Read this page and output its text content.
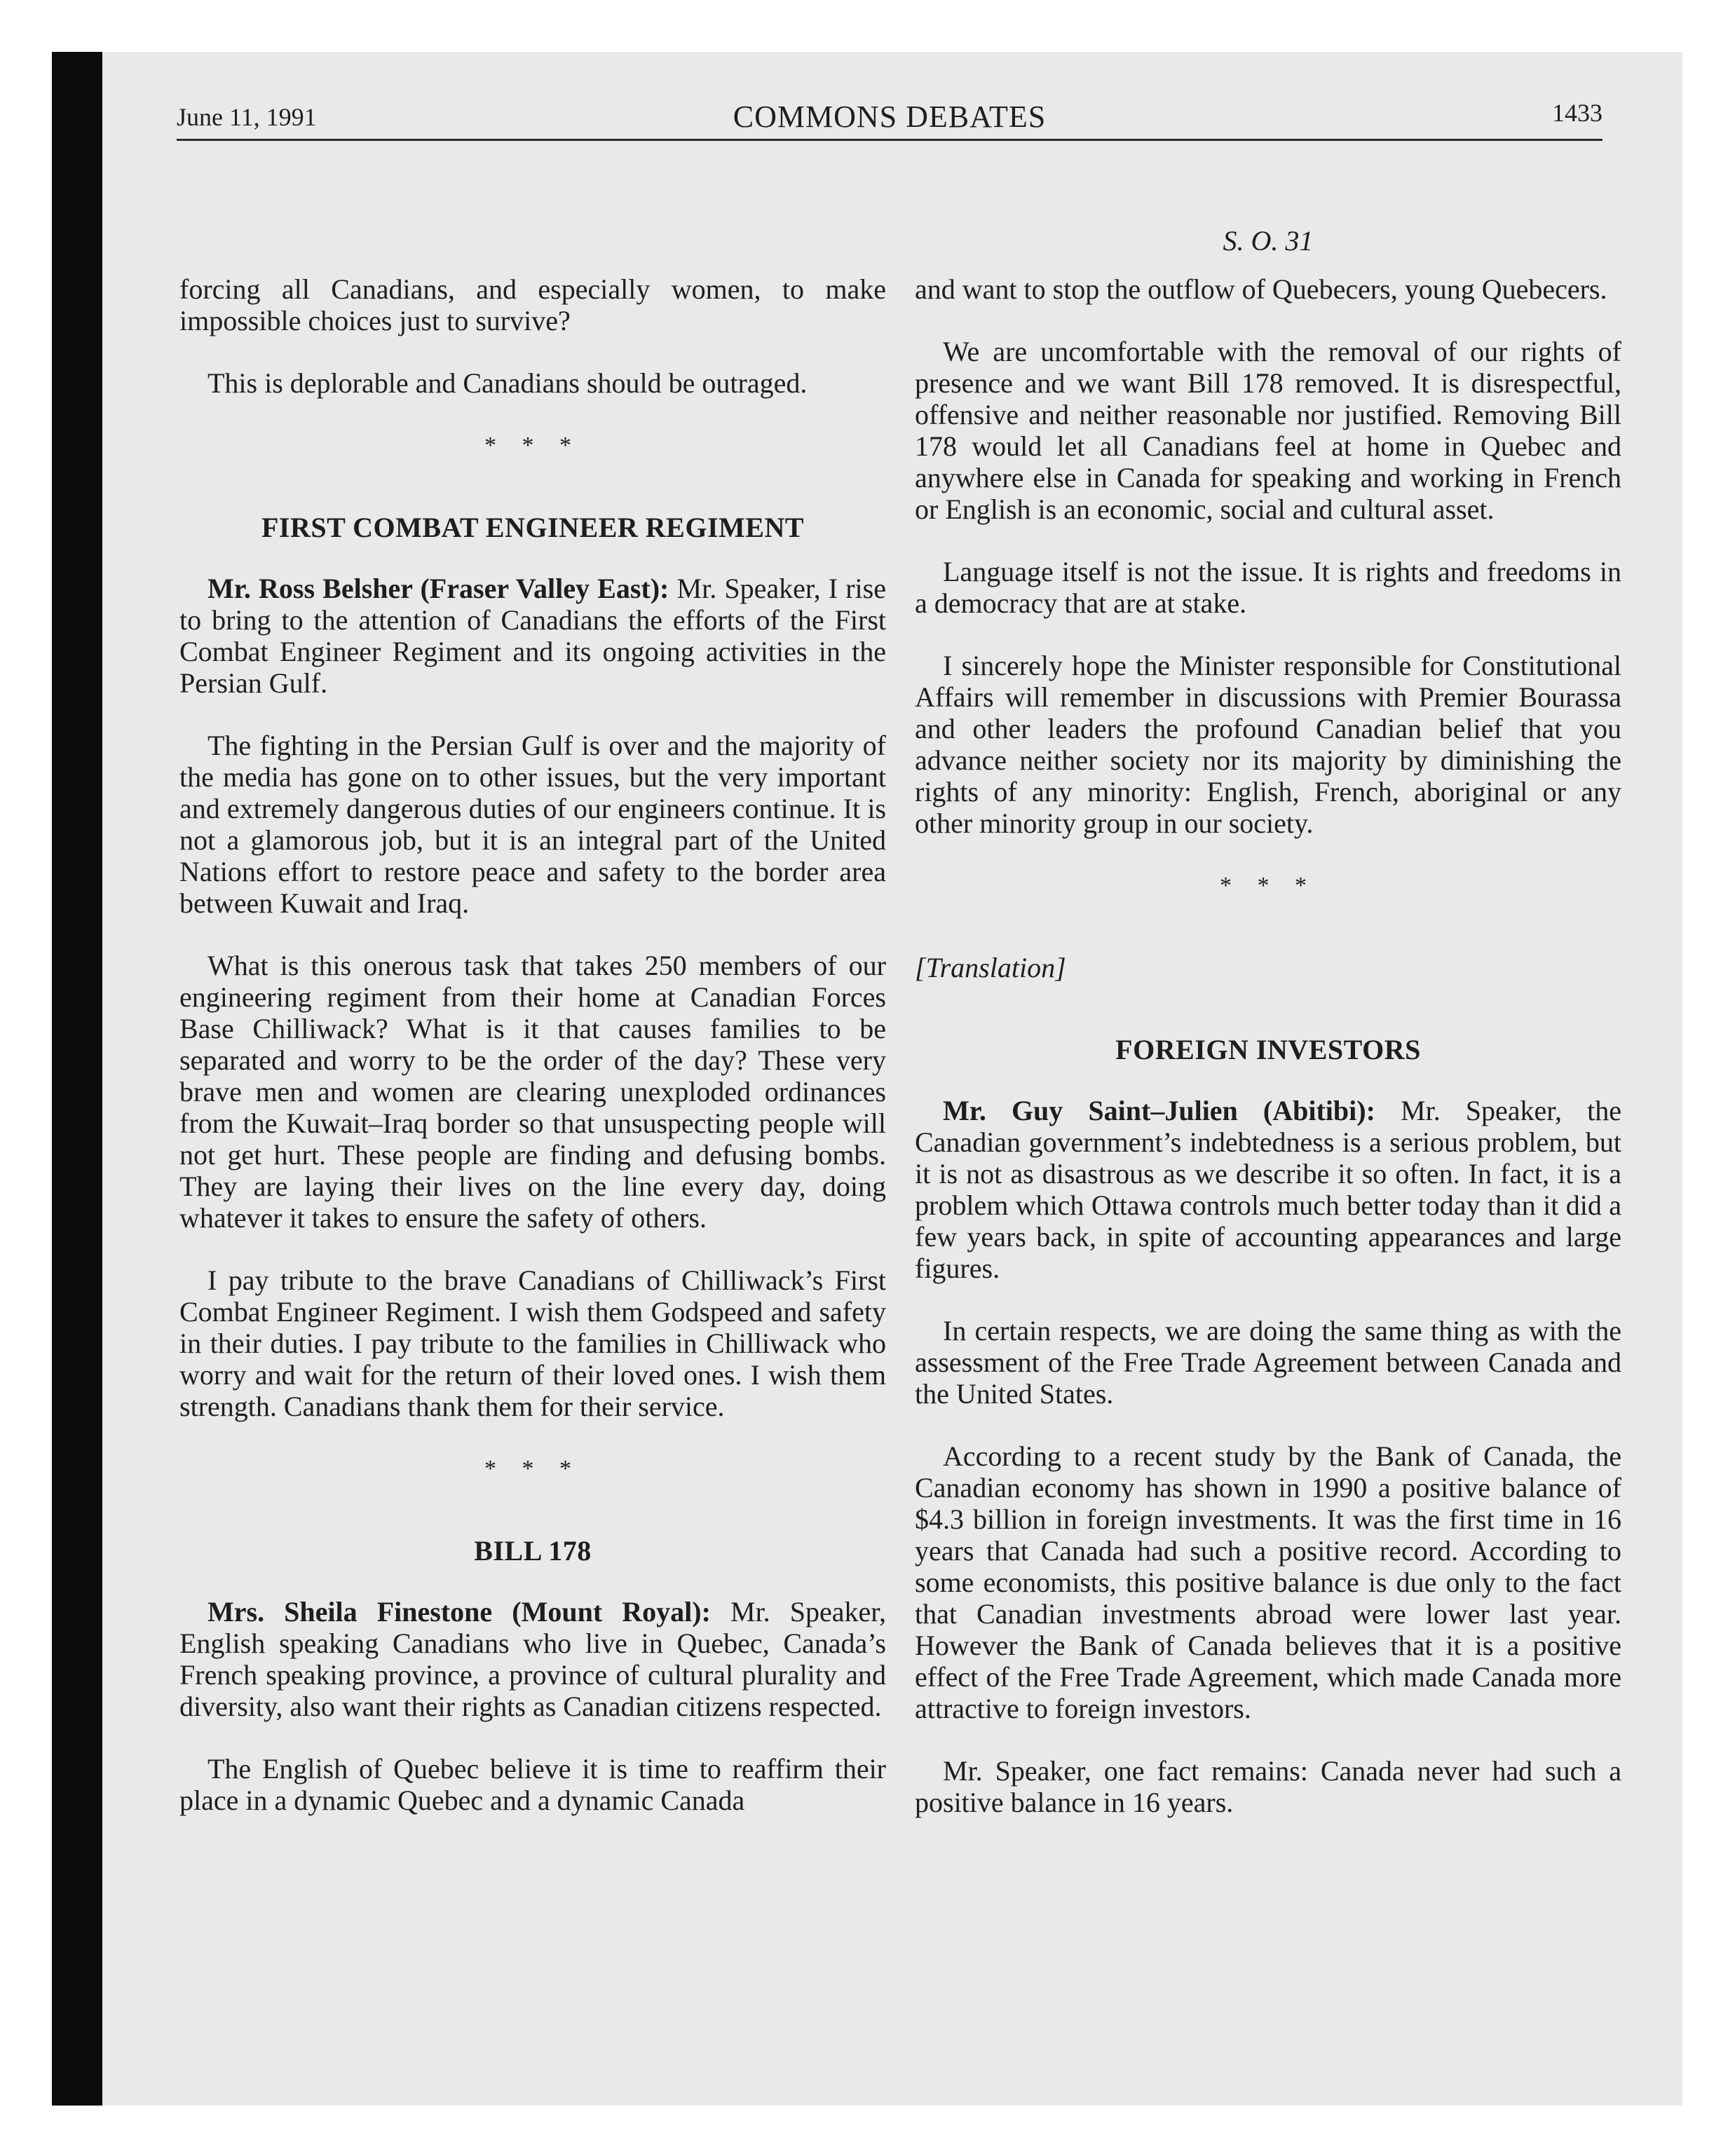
June 11, 1991	COMMONS DEBATES	1433
S. O. 31

forcing all Canadians, and especially women, to make impossible choices just to survive?

This is deplorable and Canadians should be outraged.

* * *
FIRST COMBAT ENGINEER REGIMENT

Mr. Ross Belsher (Fraser Valley East): Mr. Speaker, I rise to bring to the attention of Canadians the efforts of the First Combat Engineer Regiment and its ongoing activities in the Persian Gulf.

The fighting in the Persian Gulf is over and the majority of the media has gone on to other issues, but the very important and extremely dangerous duties of our engineers continue. It is not a glamorous job, but it is an integral part of the United Nations effort to restore peace and safety to the border area between Kuwait and Iraq.

What is this onerous task that takes 250 members of our engineering regiment from their home at Canadian Forces Base Chilliwack? What is it that causes families to be separated and worry to be the order of the day? These very brave men and women are clearing unexploded ordinances from the Kuwait–Iraq border so that unsuspecting people will not get hurt. These people are finding and defusing bombs. They are laying their lives on the line every day, doing whatever it takes to ensure the safety of others.

I pay tribute to the brave Canadians of Chilliwack’s First Combat Engineer Regiment. I wish them Godspeed and safety in their duties. I pay tribute to the families in Chilliwack who worry and wait for the return of their loved ones. I wish them strength. Canadians thank them for their service.

* * *
BILL 178

Mrs. Sheila Finestone (Mount Royal): Mr. Speaker, English speaking Canadians who live in Quebec, Canada’s French speaking province, a province of cultural plurality and diversity, also want their rights as Canadian citizens respected.

The English of Quebec believe it is time to reaffirm their place in a dynamic Quebec and a dynamic Canada

and want to stop the outflow of Quebecers, young Quebecers.

We are uncomfortable with the removal of our rights of presence and we want Bill 178 removed. It is disrespectful, offensive and neither reasonable nor justified. Removing Bill 178 would let all Canadians feel at home in Quebec and anywhere else in Canada for speaking and working in French or English is an economic, social and cultural asset.

Language itself is not the issue. It is rights and freedoms in a democracy that are at stake.

I sincerely hope the Minister responsible for Constitutional Affairs will remember in discussions with Premier Bourassa and other leaders the profound Canadian belief that you advance neither society nor its majority by diminishing the rights of any minority: English, French, aboriginal or any other minority group in our society.

* * *
[Translation]
FOREIGN INVESTORS

Mr. Guy Saint–Julien (Abitibi): Mr. Speaker, the Canadian government’s indebtedness is a serious problem, but it is not as disastrous as we describe it so often. In fact, it is a problem which Ottawa controls much better today than it did a few years back, in spite of accounting appearances and large figures.

In certain respects, we are doing the same thing as with the assessment of the Free Trade Agreement between Canada and the United States.

According to a recent study by the Bank of Canada, the Canadian economy has shown in 1990 a positive balance of $4.3 billion in foreign investments. It was the first time in 16 years that Canada had such a positive record. According to some economists, this positive balance is due only to the fact that Canadian investments abroad were lower last year. However the Bank of Canada believes that it is a positive effect of the Free Trade Agreement, which made Canada more attractive to foreign investors.

Mr. Speaker, one fact remains: Canada never had such a positive balance in 16 years.
